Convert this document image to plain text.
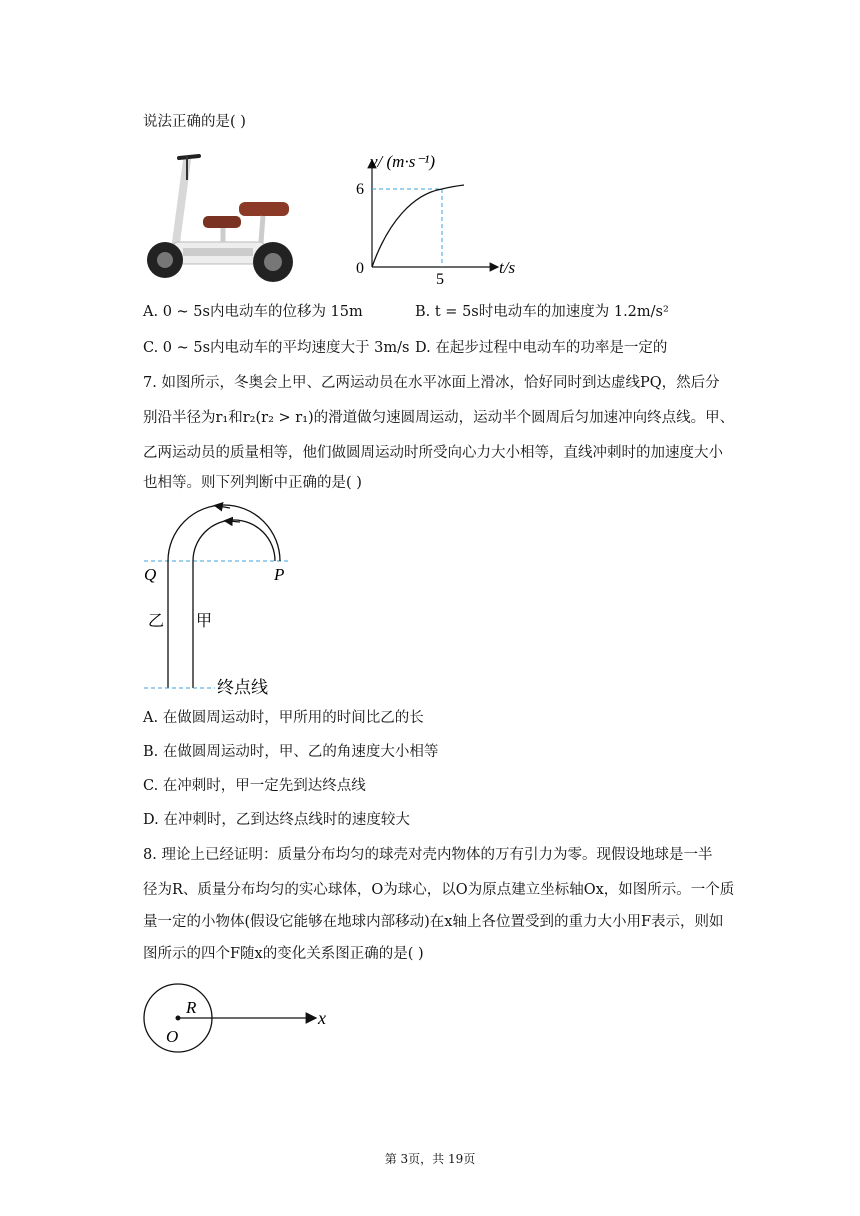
说法正确的是( )
v/ (m·s⁻¹)
6
0
5
t/s
A. 0 ~ 5s内电动车的位移为 15m	B. t = 5s时电动车的加速度为 1.2m/s²
C. 0 ~ 5s内电动车的平均速度大于 3m/s D. 在起步过程中电动车的功率是一定的
7. 如图所示，冬奥会上甲、乙两运动员在水平冰面上滑冰，恰好同时到达虚线PQ，然后分
别沿半径为r₁和r₂(r₂ > r₁)的滑道做匀速圆周运动，运动半个圆周后匀加速冲向终点线。甲、
乙两运动员的质量相等，他们做圆周运动时所受向心力大小相等，直线冲刺时的加速度大小
也相等。则下列判断中正确的是( )
Q	P
乙 甲
终点线
A. 在做圆周运动时，甲所用的时间比乙的长
B. 在做圆周运动时，甲、乙的角速度大小相等
C. 在冲刺时，甲一定先到达终点线
D. 在冲刺时，乙到达终点线时的速度较大
8. 理论上已经证明：质量分布均匀的球壳对壳内物体的万有引力为零。现假设地球是一半
径为R、质量分布均匀的实心球体，O为球心，以O为原点建立坐标轴Ox，如图所示。一个质
量一定的小物体(假设它能够在地球内部移动)在x轴上各位置受到的重力大小用F表示，则如
图所示的四个F随x的变化关系图正确的是( )
R
O
x
第 3页，共 19页
